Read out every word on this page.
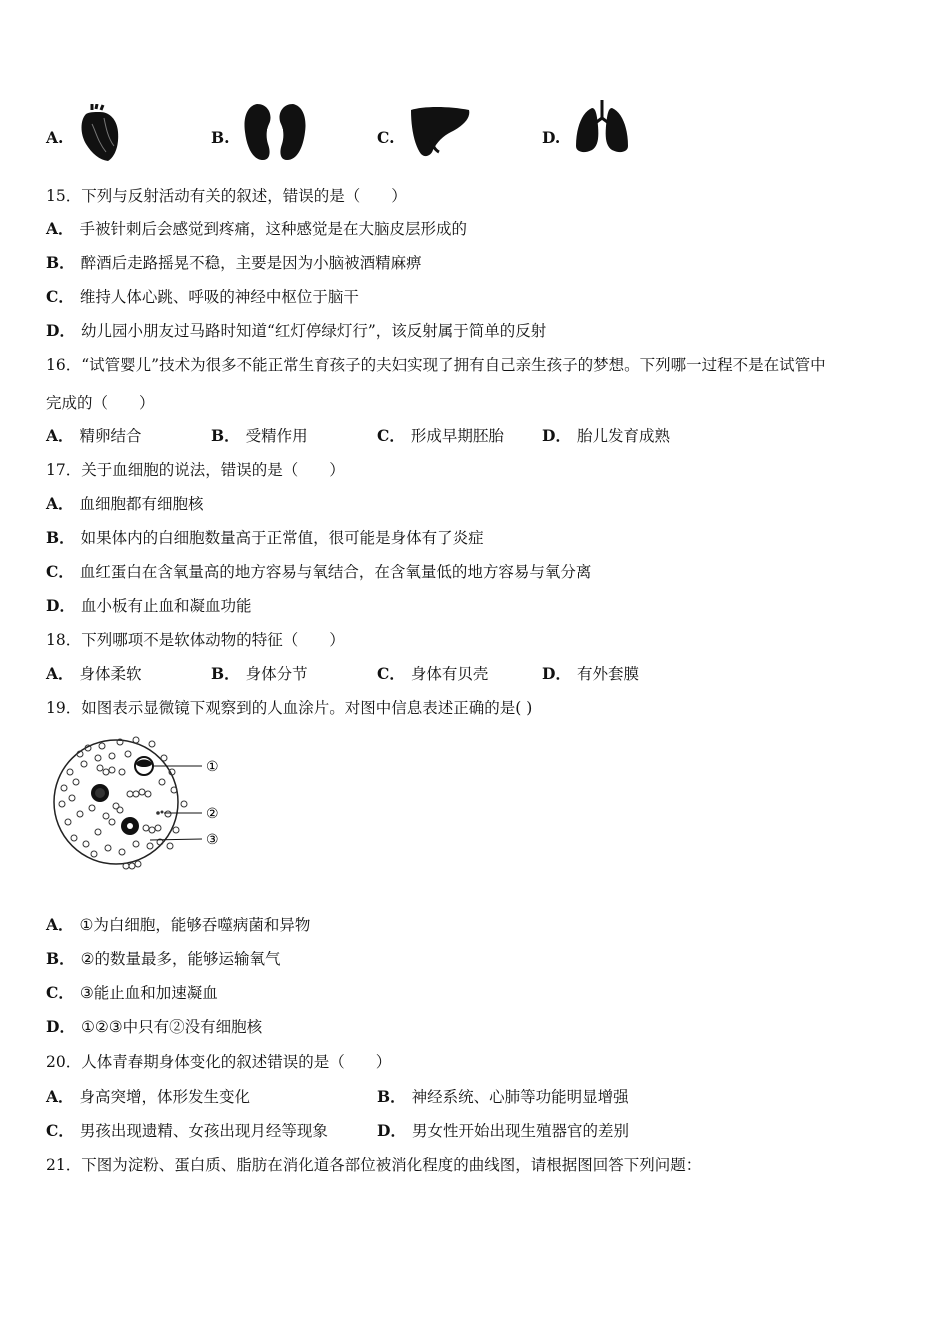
A.	B.	C.	D.
15．下列与反射活动有关的叙述，错误的是（　　）
A． 手被针刺后会感觉到疼痛，这种感觉是在大脑皮层形成的
B． 醉酒后走路摇晃不稳，主要是因为小脑被酒精麻痹
C． 维持人体心跳、呼吸的神经中枢位于脑干
D． 幼儿园小朋友过马路时知道“红灯停绿灯行”，该反射属于简单的反射
16．“试管婴儿”技术为很多不能正常生育孩子的夫妇实现了拥有自己亲生孩子的梦想。下列哪一过程不是在试管中
完成的（　　）
A． 精卵结合	B． 受精作用	C． 形成早期胚胎 D． 胎儿发育成熟
17．关于血细胞的说法，错误的是（　　）
A． 血细胞都有细胞核
B． 如果体内的白细胞数量高于正常值，很可能是身体有了炎症
C． 血红蛋白在含氧量高的地方容易与氧结合，在含氧量低的地方容易与氧分离
D． 血小板有止血和凝血功能
18．下列哪项不是软体动物的特征（　　）
A． 身体柔软	B． 身体分节	C． 身体有贝壳	D． 有外套膜
19．如图表示显微镜下观察到的人血涂片。对图中信息表述正确的是( )
①
②
③
A． ①为白细胞，能够吞噬病菌和异物
B． ②的数量最多，能够运输氧气
C． ③能止血和加速凝血
D． ①②③中只有②没有细胞核
20．人体青春期身体变化的叙述错误的是（　　）
A． 身高突增，体形发生变化	B． 神经系统、心肺等功能明显增强
C． 男孩出现遗精、女孩出现月经等现象	D． 男女性开始出现生殖器官的差别
21．下图为淀粉、蛋白质、脂肪在消化道各部位被消化程度的曲线图，请根据图回答下列问题：
